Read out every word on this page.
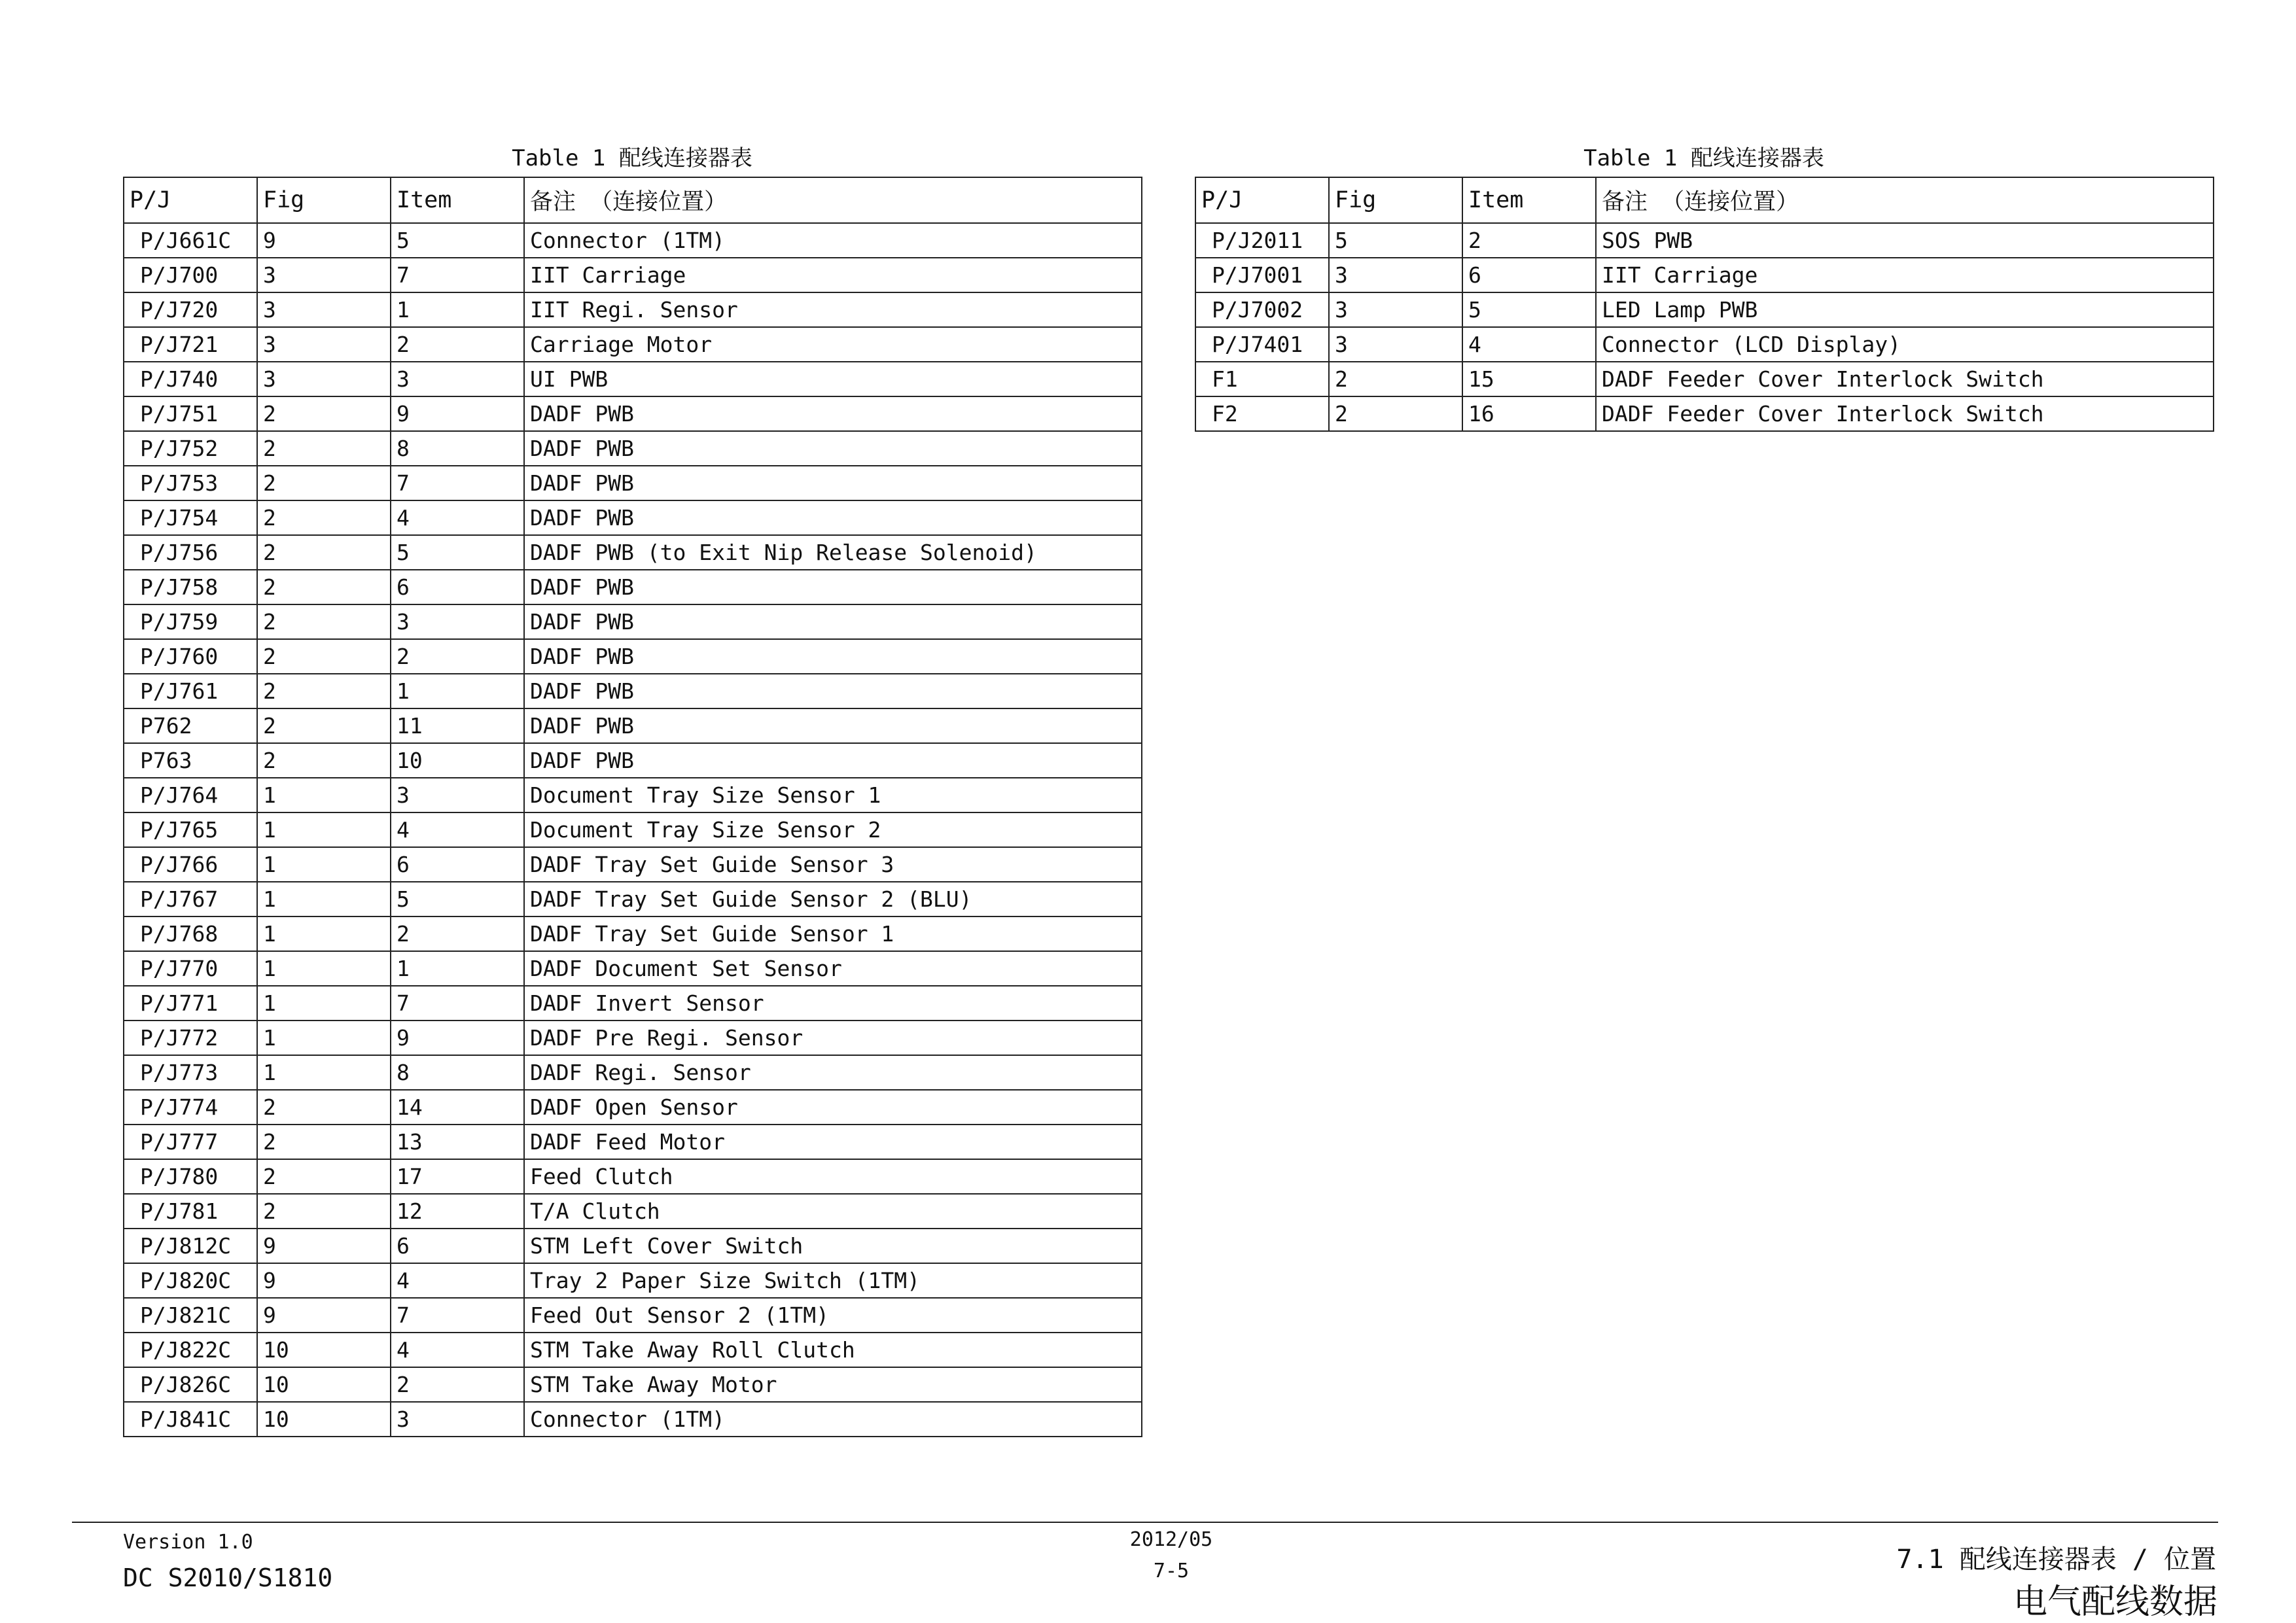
Table 1 配线连接器表
P/J	Fig	Item	备注 （连接位置）
P/J661C	9	5	Connector (1TM)
P/J700	3	7	IIT Carriage
P/J720	3	1	IIT Regi. Sensor
P/J721	3	2	Carriage Motor
P/J740	3	3	UI PWB
P/J751	2	9	DADF PWB
P/J752	2	8	DADF PWB
P/J753	2	7	DADF PWB
P/J754	2	4	DADF PWB
P/J756	2	5	DADF PWB (to Exit Nip Release Solenoid)
P/J758	2	6	DADF PWB
P/J759	2	3	DADF PWB
P/J760	2	2	DADF PWB
P/J761	2	1	DADF PWB
P762	2	11	DADF PWB
P763	2	10	DADF PWB
P/J764	1	3	Document Tray Size Sensor 1
P/J765	1	4	Document Tray Size Sensor 2
P/J766	1	6	DADF Tray Set Guide Sensor 3
P/J767	1	5	DADF Tray Set Guide Sensor 2 (BLU)
P/J768	1	2	DADF Tray Set Guide Sensor 1
P/J770	1	1	DADF Document Set Sensor
P/J771	1	7	DADF Invert Sensor
P/J772	1	9	DADF Pre Regi. Sensor
P/J773	1	8	DADF Regi. Sensor
P/J774	2	14	DADF Open Sensor
P/J777	2	13	DADF Feed Motor
P/J780	2	17	Feed Clutch
P/J781	2	12	T/A Clutch
P/J812C	9	6	STM Left Cover Switch
P/J820C	9	4	Tray 2 Paper Size Switch (1TM)
P/J821C	9	7	Feed Out Sensor 2 (1TM)
P/J822C	10	4	STM Take Away Roll Clutch
P/J826C	10	2	STM Take Away Motor
P/J841C	10	3	Connector (1TM)
Table 1 配线连接器表
P/J	Fig	Item	备注 （连接位置）
P/J2011	5	2	SOS PWB
P/J7001	3	6	IIT Carriage
P/J7002	3	5	LED Lamp PWB
P/J7401	3	4	Connector (LCD Display)
F1	2	15	DADF Feeder Cover Interlock Switch
F2	2	16	DADF Feeder Cover Interlock Switch
Version 1.0
DC S2010/S1810
2012/05
7-5	7.1 配线连接器表 / 位置
电气配线数据
